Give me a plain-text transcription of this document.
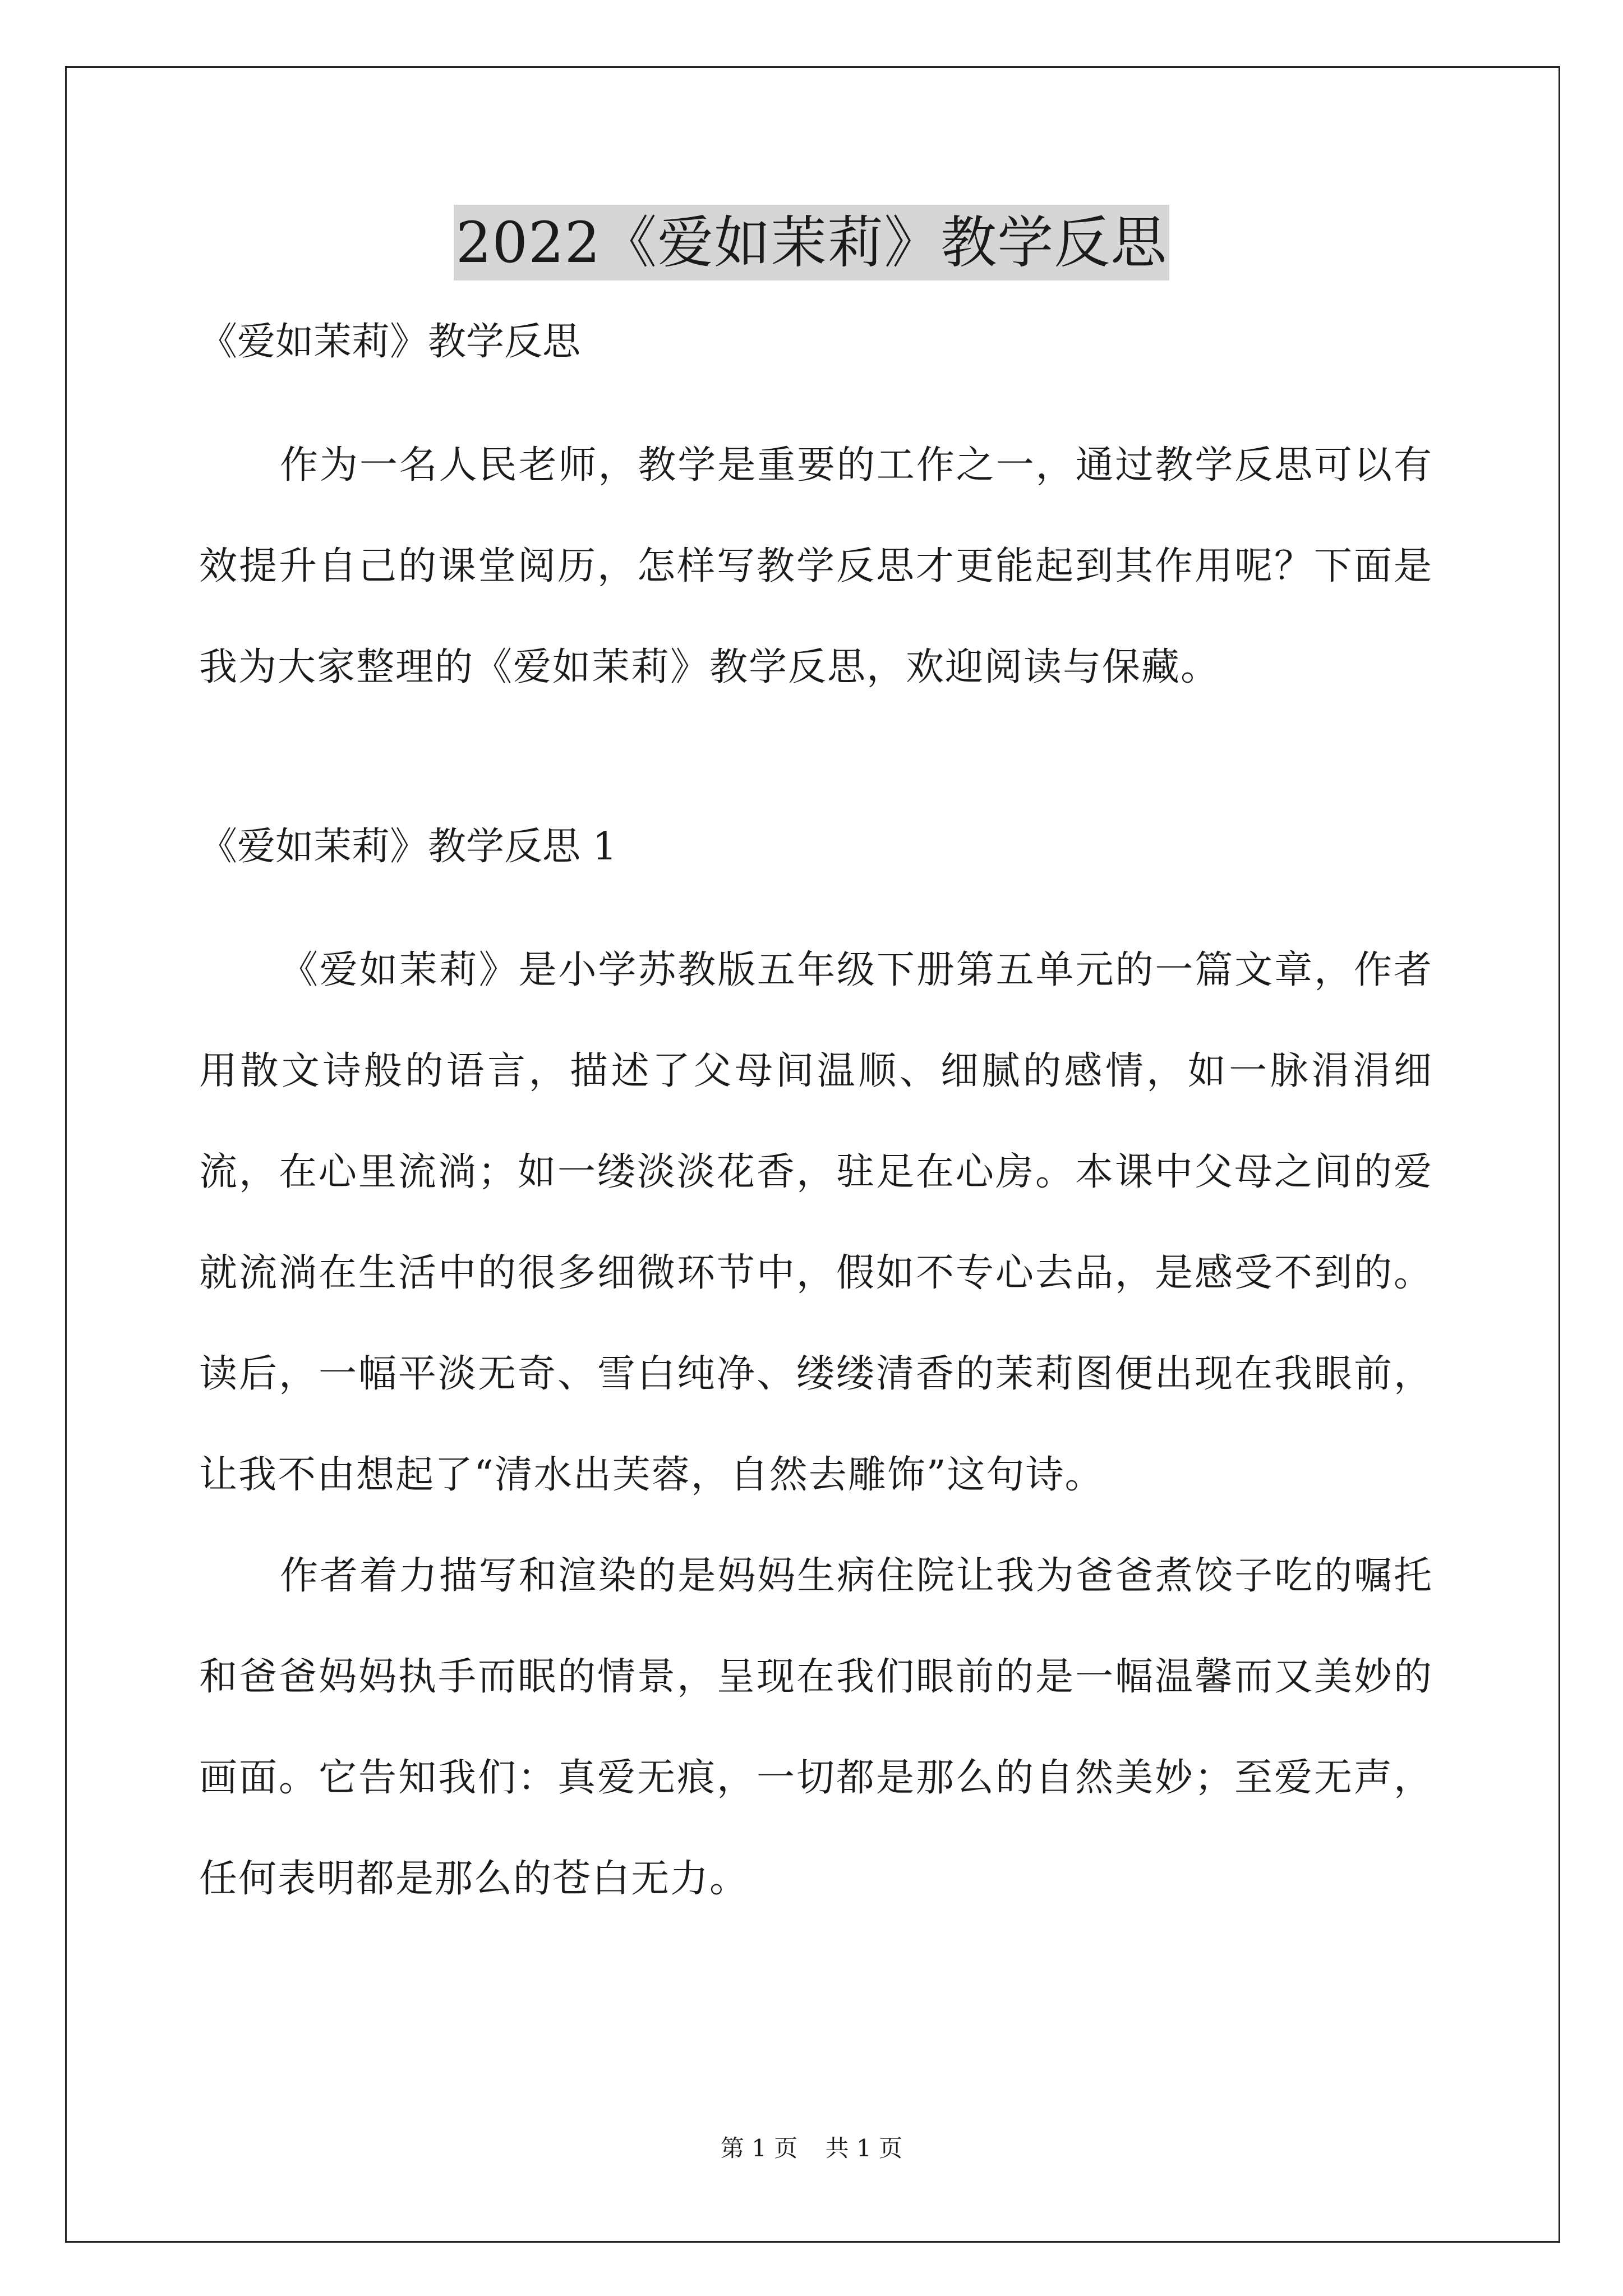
2022《爱如茉莉》教学反思

《爱如茉莉》教学反思

作为一名人民老师，教学是重要的工作之一，通过教学反思可以有效提升自己的课堂阅历，怎样写教学反思才更能起到其作用呢？下面是我为大家整理的《爱如茉莉》教学反思，欢迎阅读与保藏。

《爱如茉莉》教学反思 1

《爱如茉莉》是小学苏教版五年级下册第五单元的一篇文章，作者用散文诗般的语言，描述了父母间温顺、细腻的感情，如一脉涓涓细流，在心里流淌；如一缕淡淡花香，驻足在心房。本课中父母之间的爱就流淌在生活中的很多细微环节中，假如不专心去品，是感受不到的。读后，一幅平淡无奇、雪白纯净、缕缕清香的茉莉图便出现在我眼前，让我不由想起了“清水出芙蓉，自然去雕饰”这句诗。

作者着力描写和渲染的是妈妈生病住院让我为爸爸煮饺子吃的嘱托和爸爸妈妈执手而眠的情景，呈现在我们眼前的是一幅温馨而又美妙的画面。它告知我们：真爱无痕，一切都是那么的自然美妙；至爱无声，任何表明都是那么的苍白无力。

第 1 页 共 1 页
